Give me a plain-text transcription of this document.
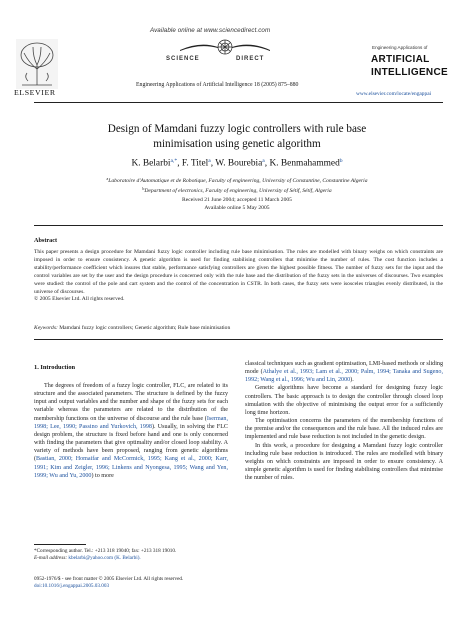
Available online at www.sciencedirect.com
SCIENCE	DIRECT
Engineering Applications of Artificial Intelligence 18 (2005) 875–880
ELSEVIER
Engineering Applications of
ARTIFICIAL
INTELLIGENCE
www.elsevier.com/locate/engappai
Design of Mamdani fuzzy logic controllers with rule base
minimisation using genetic algorithm
K. Belarbi$^{a,*}$, F. Titel$^a$, W. Bourebia$^a$, K. Benmahammed$^b$
$^a$Laboratoire d'Automatique et de Robotique, Faculty of engineering, University of Constantine, Constantine Algeria
$^b$Department of electronics, Faculty of engineering, University of Sétif, Sétif, Algeria
Received 21 June 2004; accepted 11 March 2005
Available online 5 May 2005
Abstract
This paper presents a design procedure for Mamdani fuzzy logic controller including rule base minimisation. The rules are modelled with binary weighs on which constraints are imposed in order to ensure consistency. A genetic algorithm is used for finding stabilising controllers that minimise the number of rules. The cost function includes a stability/performance coefficient which insures that stable, performance satisfying controllers are given the highest possible fitness. The number of fuzzy sets for the input and the control variables are set by the user and the design procedure is concerned only with the rule base and the distribution of the fuzzy sets in the universes of discourses. Two examples were studied: the control of the pole and cart system and the control of the concentration in CSTR. In both cases, the fuzzy sets were isosceles triangles evenly distributed, in the universe of discourses.
© 2005 Elsevier Ltd. All rights reserved.
Keywords: Mamdani fuzzy logic controllers; Genetic algorithm; Rule base minimisation
1. Introduction

The degrees of freedom of a fuzzy logic controller, FLC, are related to its structure and the associated parameters. The structure is defined by the fuzzy input and output variables and the number and shape of the fuzzy sets for each variable whereas the parameters are related to the distribution of the membership functions on the universe of discourse and the rule base (Iserman, 1998; Lee, 1990; Passino and Yurkovich, 1998). Usually, in solving the FLC design problem, the structure is fixed before hand and one is only concerned with finding the parameters that give optimality and/or closed loop stability. A variety of methods have been proposed, ranging from genetic algorithms (Bastian, 2000; Homaifar and McCormick, 1995; Kang et al., 2000; Karr, 1991; Kim and Zeigler, 1996; Linkens and Nyongesa, 1995; Wang and Yen, 1999; Wu and Yu, 2000) to more

classical techniques such as gradient optimisation, LMI-based methods or sliding mode (Athalye et al., 1993; Lam et al., 2000; Palm, 1994; Tanaka and Sugeno, 1992; Wang et al., 1996; Wu and Lin, 2000).

Genetic algorithms have become a standard for designing fuzzy logic controllers. The basic approach is to design the controller through closed loop simulation with the objective of minimising the output error for a sufficiently long time horizon.

The optimisation concerns the parameters of the membership functions of the premise and/or the consequences and the rule base. All the induced rules are implemented and rule base reduction is not included in the genetic design.

In this work, a procedure for designing a Mamdani fuzzy logic controller including rule base reduction is introduced. The rules are modelled with binary weights on which constraints are imposed in order to ensure consistency. A simple genetic algorithm is used for finding stabilising controllers that minimise the number of rules.

*Corresponding author. Tel.: +213 318 19040; fax: +213 318 19010.
E-mail address: kbelarbi@yahoo.com (K. Belarbi).
0952-1976/$ - see front matter © 2005 Elsevier Ltd. All rights reserved.
doi:10.1016/j.engappai.2005.03.003
